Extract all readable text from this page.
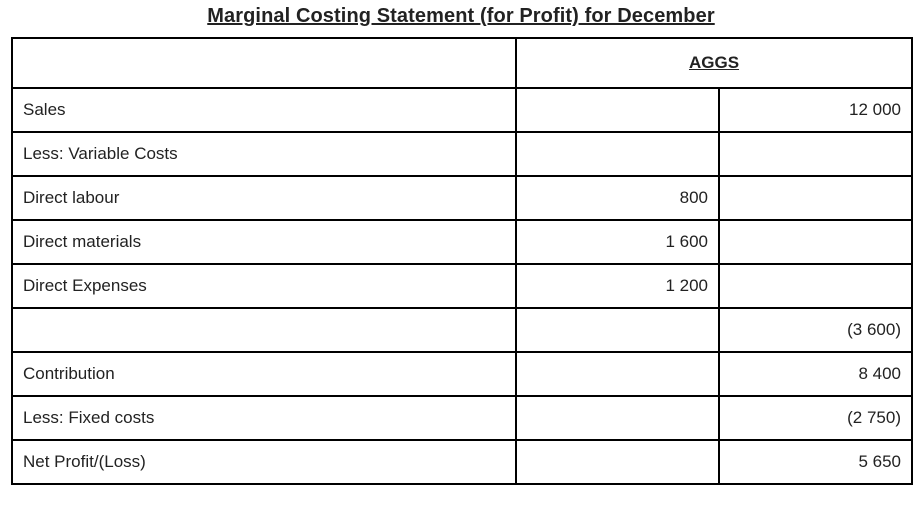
Marginal Costing Statement (for Profit) for December
	AGGS	
Sales		12 000
Less: Variable Costs		
Direct labour	800	
Direct materials	1 600	
Direct Expenses	1 200	
		(3 600)
Contribution		8 400
Less: Fixed costs		(2 750)
Net Profit/(Loss)		5 650
